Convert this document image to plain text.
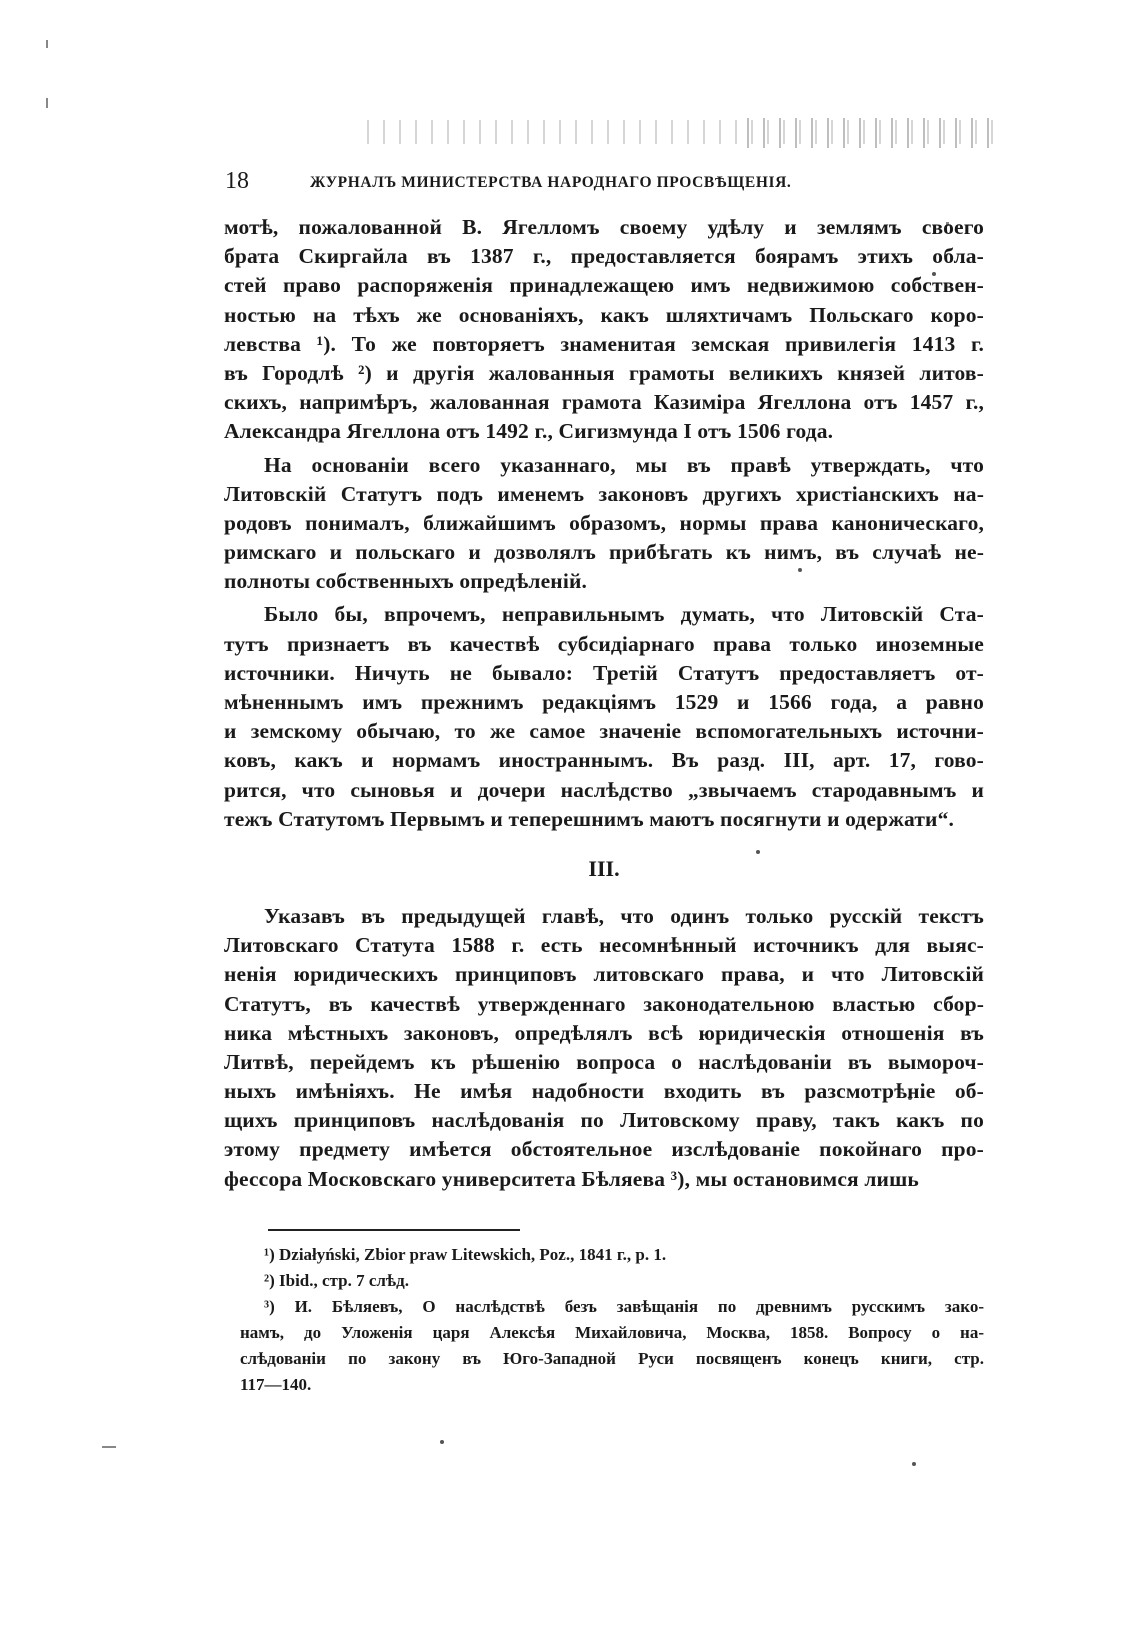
18	ЖУРНАЛЪ МИНИСТЕРСТВА НАРОДНАГО ПРОСВѢЩЕНІЯ.
мотѣ, пожалованной В. Ягелломъ своему удѣлу и землямъ своего
брата Скиргайла въ 1387 г., предоставляется боярамъ этихъ обла-
стей право распоряженія принадлежащею имъ недвижимою собствен-
ностью на тѣхъ же основаніяхъ, какъ шляхтичамъ Польскаго коро-
левства ¹). То же повторяетъ знаменитая земская привилегія 1413 г.
въ Городлѣ ²) и другія жалованныя грамоты великихъ князей литов-
скихъ, напримѣръ, жалованная грамота Казиміра Ягеллона отъ 1457 г.,
Александра Ягеллона отъ 1492 г., Сигизмунда I отъ 1506 года.
На основаніи всего указаннаго, мы въ правѣ утверждать, что
Литовскій Статутъ подъ именемъ законовъ другихъ христіанскихъ на-
родовъ понималъ, ближайшимъ образомъ, нормы права каноническаго,
римскаго и польскаго и дозволялъ прибѣгать къ нимъ, въ случаѣ не-
полноты собственныхъ опредѣленій.
Было бы, впрочемъ, неправильнымъ думать, что Литовскій Ста-
тутъ признаетъ въ качествѣ субсидіарнаго права только иноземные
источники. Ничуть не бывало: Третій Статутъ предоставляетъ от-
мѣненнымъ имъ прежнимъ редакціямъ 1529 и 1566 года, а равно
и земскому обычаю, то же самое значеніе вспомогательныхъ источни-
ковъ, какъ и нормамъ иностраннымъ. Въ разд. III, арт. 17, гово-
рится, что сыновья и дочери наслѣдство „звычаемъ стародавнымъ и
тежъ Статутомъ Первымъ и теперешнимъ маютъ посягнути и одержати“.
III.
Указавъ въ предыдущей главѣ, что одинъ только русскій текстъ
Литовскаго Статута 1588 г. есть несомнѣнный источникъ для выяс-
ненія юридическихъ принциповъ литовскаго права, и что Литовскій
Статутъ, въ качествѣ утвержденнаго законодательною властью сбор-
ника мѣстныхъ законовъ, опредѣлялъ всѣ юридическія отношенія въ
Литвѣ, перейдемъ къ рѣшенію вопроса о наслѣдованіи въ вымороч-
ныхъ имѣніяхъ. Не имѣя надобности входить въ разсмотрѣніе об-
щихъ принциповъ наслѣдованія по Литовскому праву, такъ какъ по
этому предмету имѣется обстоятельное изслѣдованіе покойнаго про-
фессора Московскаго университета Бѣляева ³), мы остановимся лишь
¹) Działyński, Zbior praw Litewskich, Poz., 1841 г., р. 1.
²) Ibid., стр. 7 слѣд.
³) И. Бѣляевъ, О наслѣдствѣ безъ завѣщанія по древнимъ русскимъ зако-
намъ, до Уложенія царя Алексѣя Михайловича, Москва, 1858. Вопросу о на-
слѣдованіи по закону въ Юго-Западной Руси посвященъ конецъ книги, стр.
117—140.
